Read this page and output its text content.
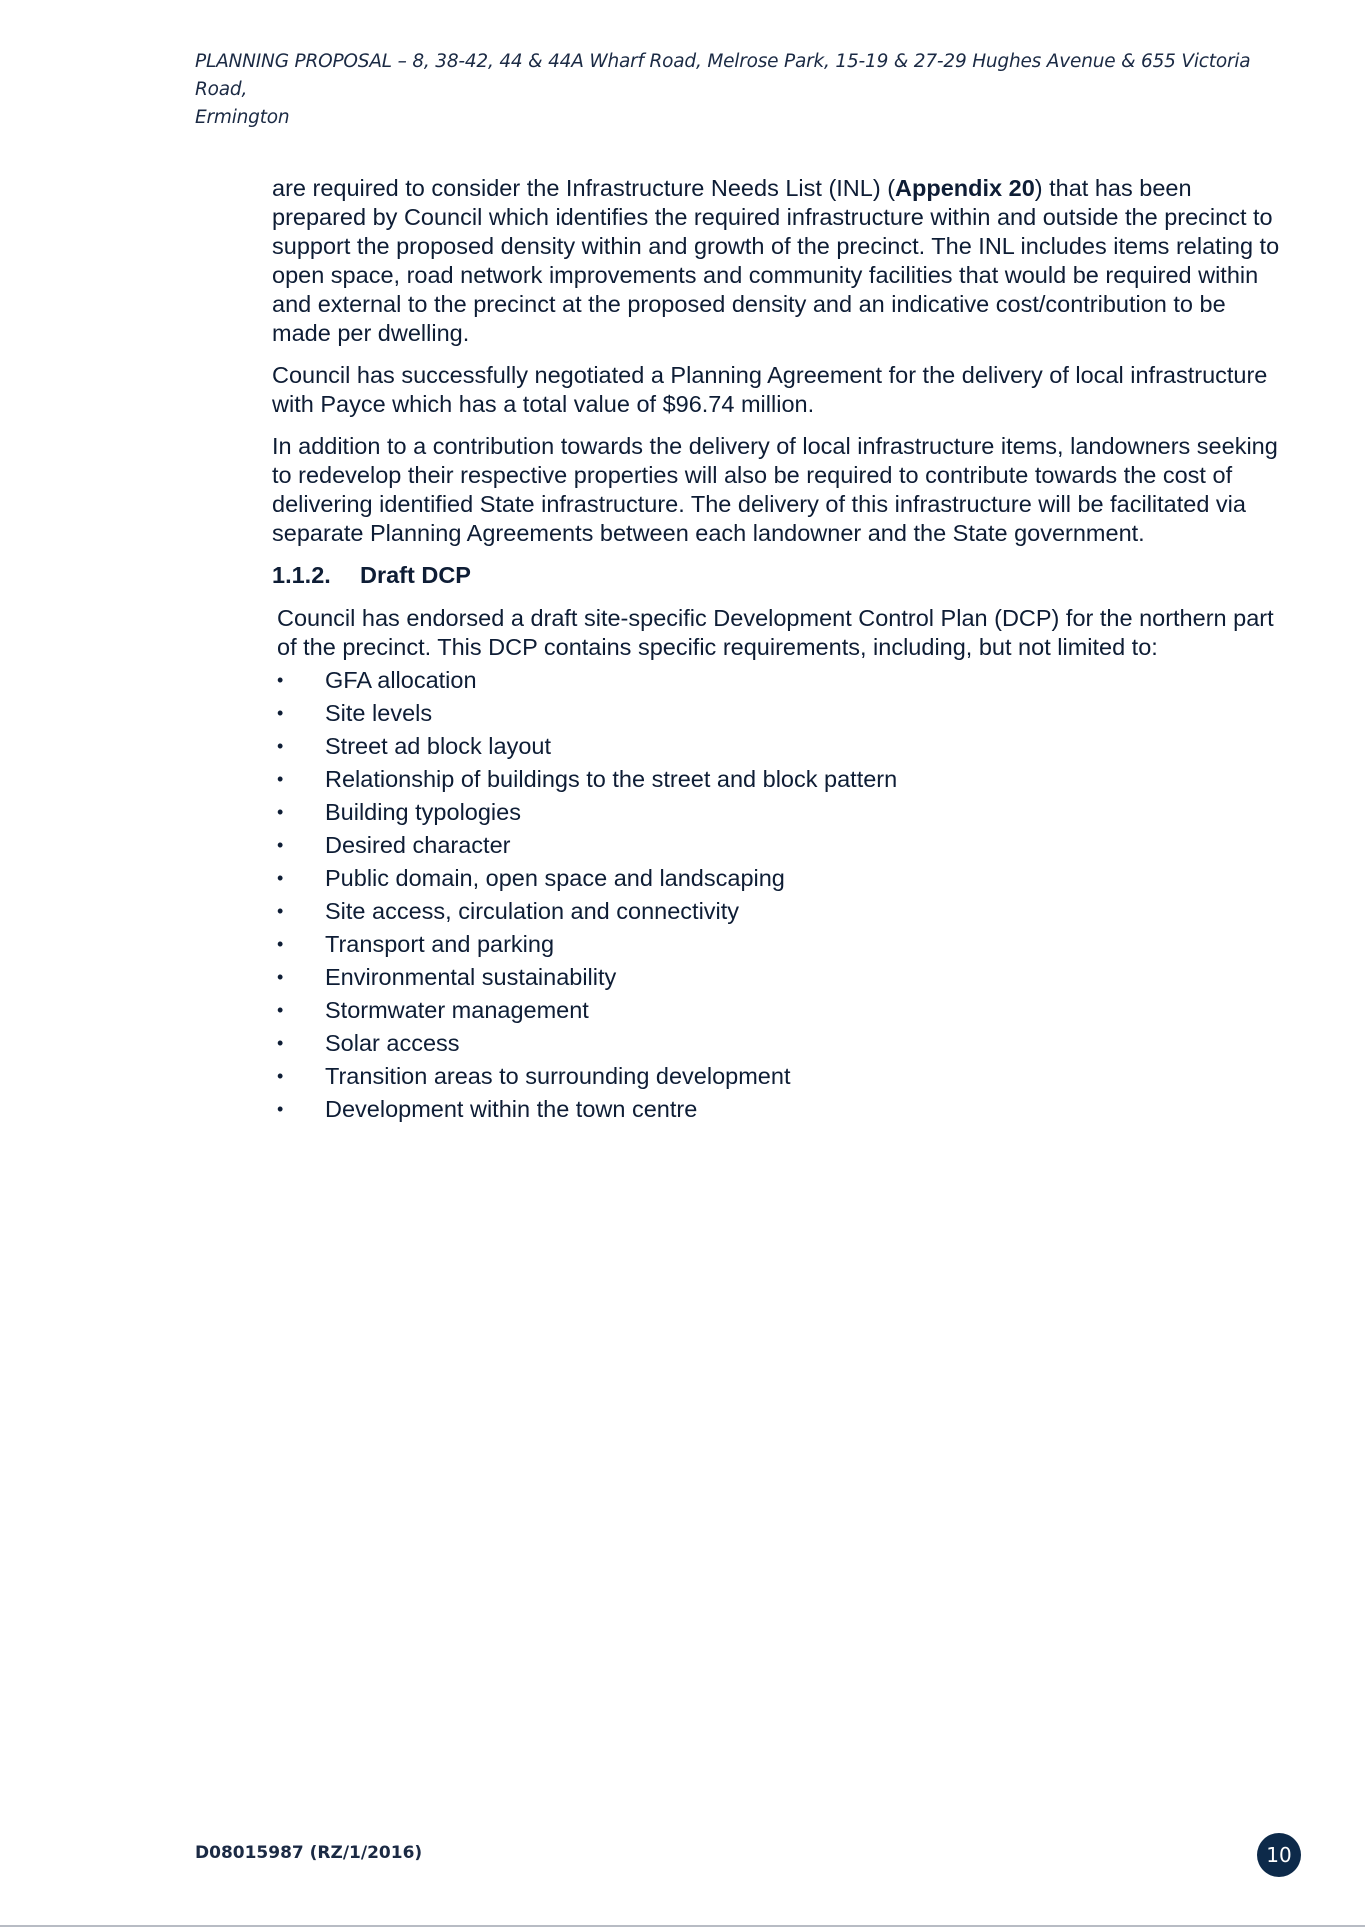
PLANNING PROPOSAL – 8, 38-42, 44 & 44A Wharf Road, Melrose Park, 15-19 & 27-29 Hughes Avenue & 655 Victoria Road,
Ermington

are required to consider the Infrastructure Needs List (INL) (Appendix 20) that has been prepared by Council which identifies the required infrastructure within and outside the precinct to support the proposed density within and growth of the precinct. The INL includes items relating to open space, road network improvements and community facilities that would be required within and external to the precinct at the proposed density and an indicative cost/contribution to be made per dwelling.

Council has successfully negotiated a Planning Agreement for the delivery of local infrastructure with Payce which has a total value of $96.74 million.

In addition to a contribution towards the delivery of local infrastructure items, landowners seeking to redevelop their respective properties will also be required to contribute towards the cost of delivering identified State infrastructure. The delivery of this infrastructure will be facilitated via separate Planning Agreements between each landowner and the State government.

1.1.2. Draft DCP

Council has endorsed a draft site-specific Development Control Plan (DCP) for the northern part of the precinct. This DCP contains specific requirements, including, but not limited to:

•	GFA allocation
•	Site levels
•	Street ad block layout
•	Relationship of buildings to the street and block pattern
•	Building typologies
•	Desired character
•	Public domain, open space and landscaping
•	Site access, circulation and connectivity
•	Transport and parking
•	Environmental sustainability
•	Stormwater management
•	Solar access
•	Transition areas to surrounding development
•	Development within the town centre
D08015987 (RZ/1/2016)	10
